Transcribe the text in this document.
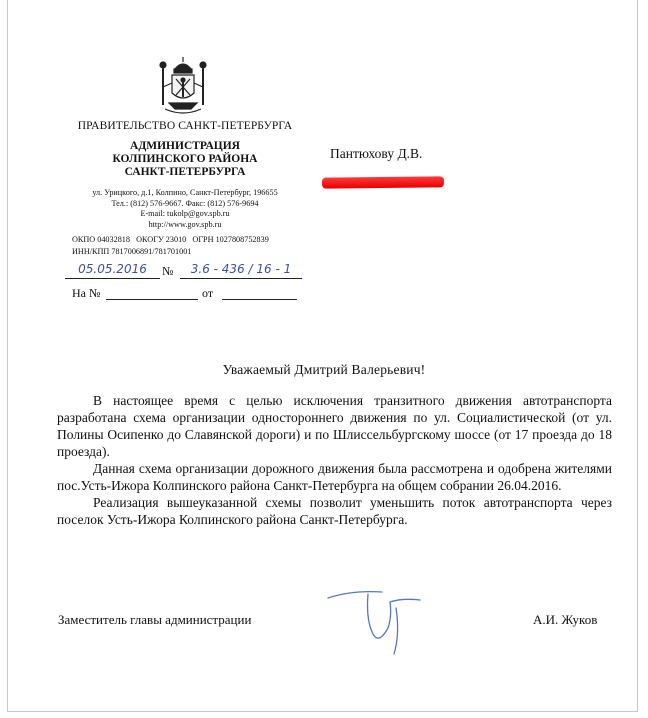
ПРАВИТЕЛЬСТВО САНКТ-ПЕТЕРБУРГА
АДМИНИСТРАЦИЯ
КОЛПИНСКОГО РАЙОНА
САНКТ-ПЕТЕРБУРГА
ул. Урицкого, д.1, Колпино, Санкт-Петербург, 196655
Тел.: (812) 576-9667. Факс: (812) 576-9694
E-mail: tukolp@gov.spb.ru
http://www.gov.spb.ru
ОКПО 04032818   ОКОГУ 23010   ОГРН 1027808752839
ИНН/КПП 7817006891/781701001
05.05.2016	№	3.6 - 436 / 16 - 1
На №	от
Пантюхову Д.В.
Уважаемый Дмитрий Валерьевич!

В настоящее время с целью исключения транзитного движения автотранспорта разработана схема организации одностороннего движения по ул. Социалистической (от ул. Полины Осипенко до Славянской дороги) и по Шлиссельбургскому шоссе (от 17 проезда до 18 проезда).

Данная схема организации дорожного движения была рассмотрена и одобрена жителями пос.Усть-Ижора Колпинского района Санкт-Петербурга на общем собрании 26.04.2016.

Реализация вышеуказанной схемы позволит уменьшить поток автотранспорта через поселок Усть-Ижора Колпинского района Санкт-Петербурга.

Заместитель главы администрации	А.И. Жуков
